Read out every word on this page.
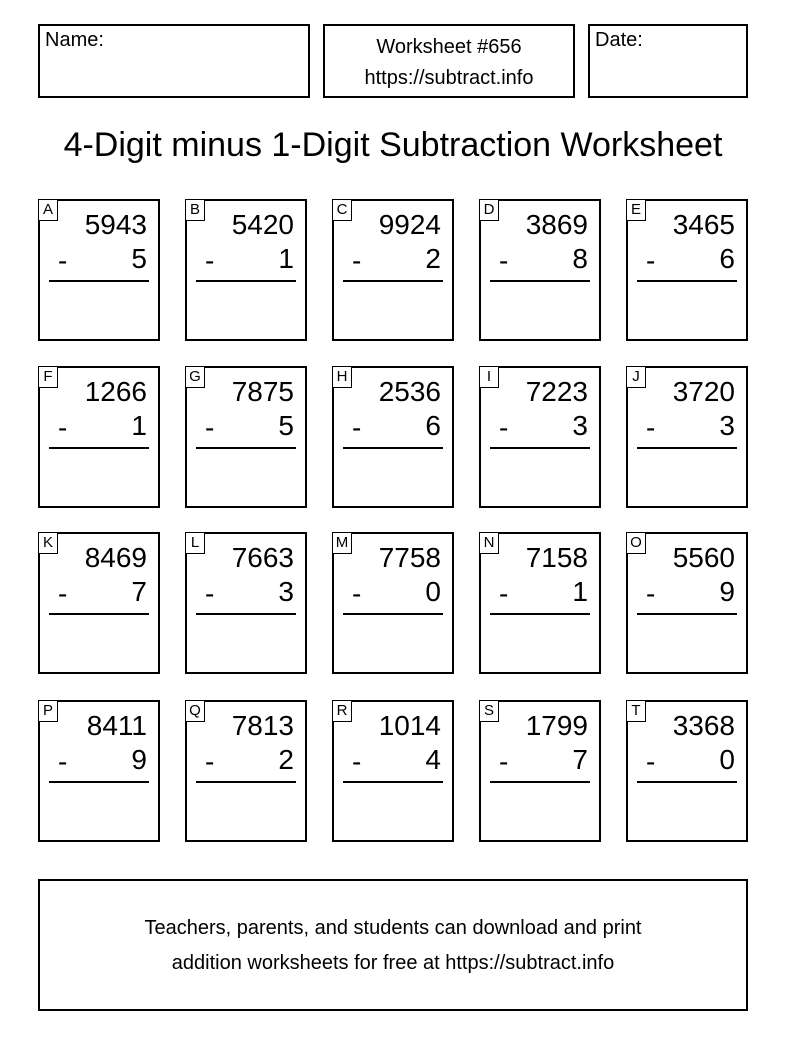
Name:	Worksheet #656
https://subtract.info
Date:
4-Digit minus 1-Digit Subtraction Worksheet
A 5943
- 5
B 5420
- 1
C 9924
- 2
D 3869
- 8
E 3465
- 6
F 1266
- 1
G 7875
- 5
H 2536
- 6
I 7223
- 3
J 3720
- 3
K 8469
- 7
L 7663
- 3
M 7758
- 0
N 7158
- 1
O 5560
- 9
P 8411
- 9
Q 7813
- 2
R 1014
- 4
S 1799
- 7
T 3368
- 0
Teachers, parents, and students can download and print
addition worksheets for free at https://subtract.info
